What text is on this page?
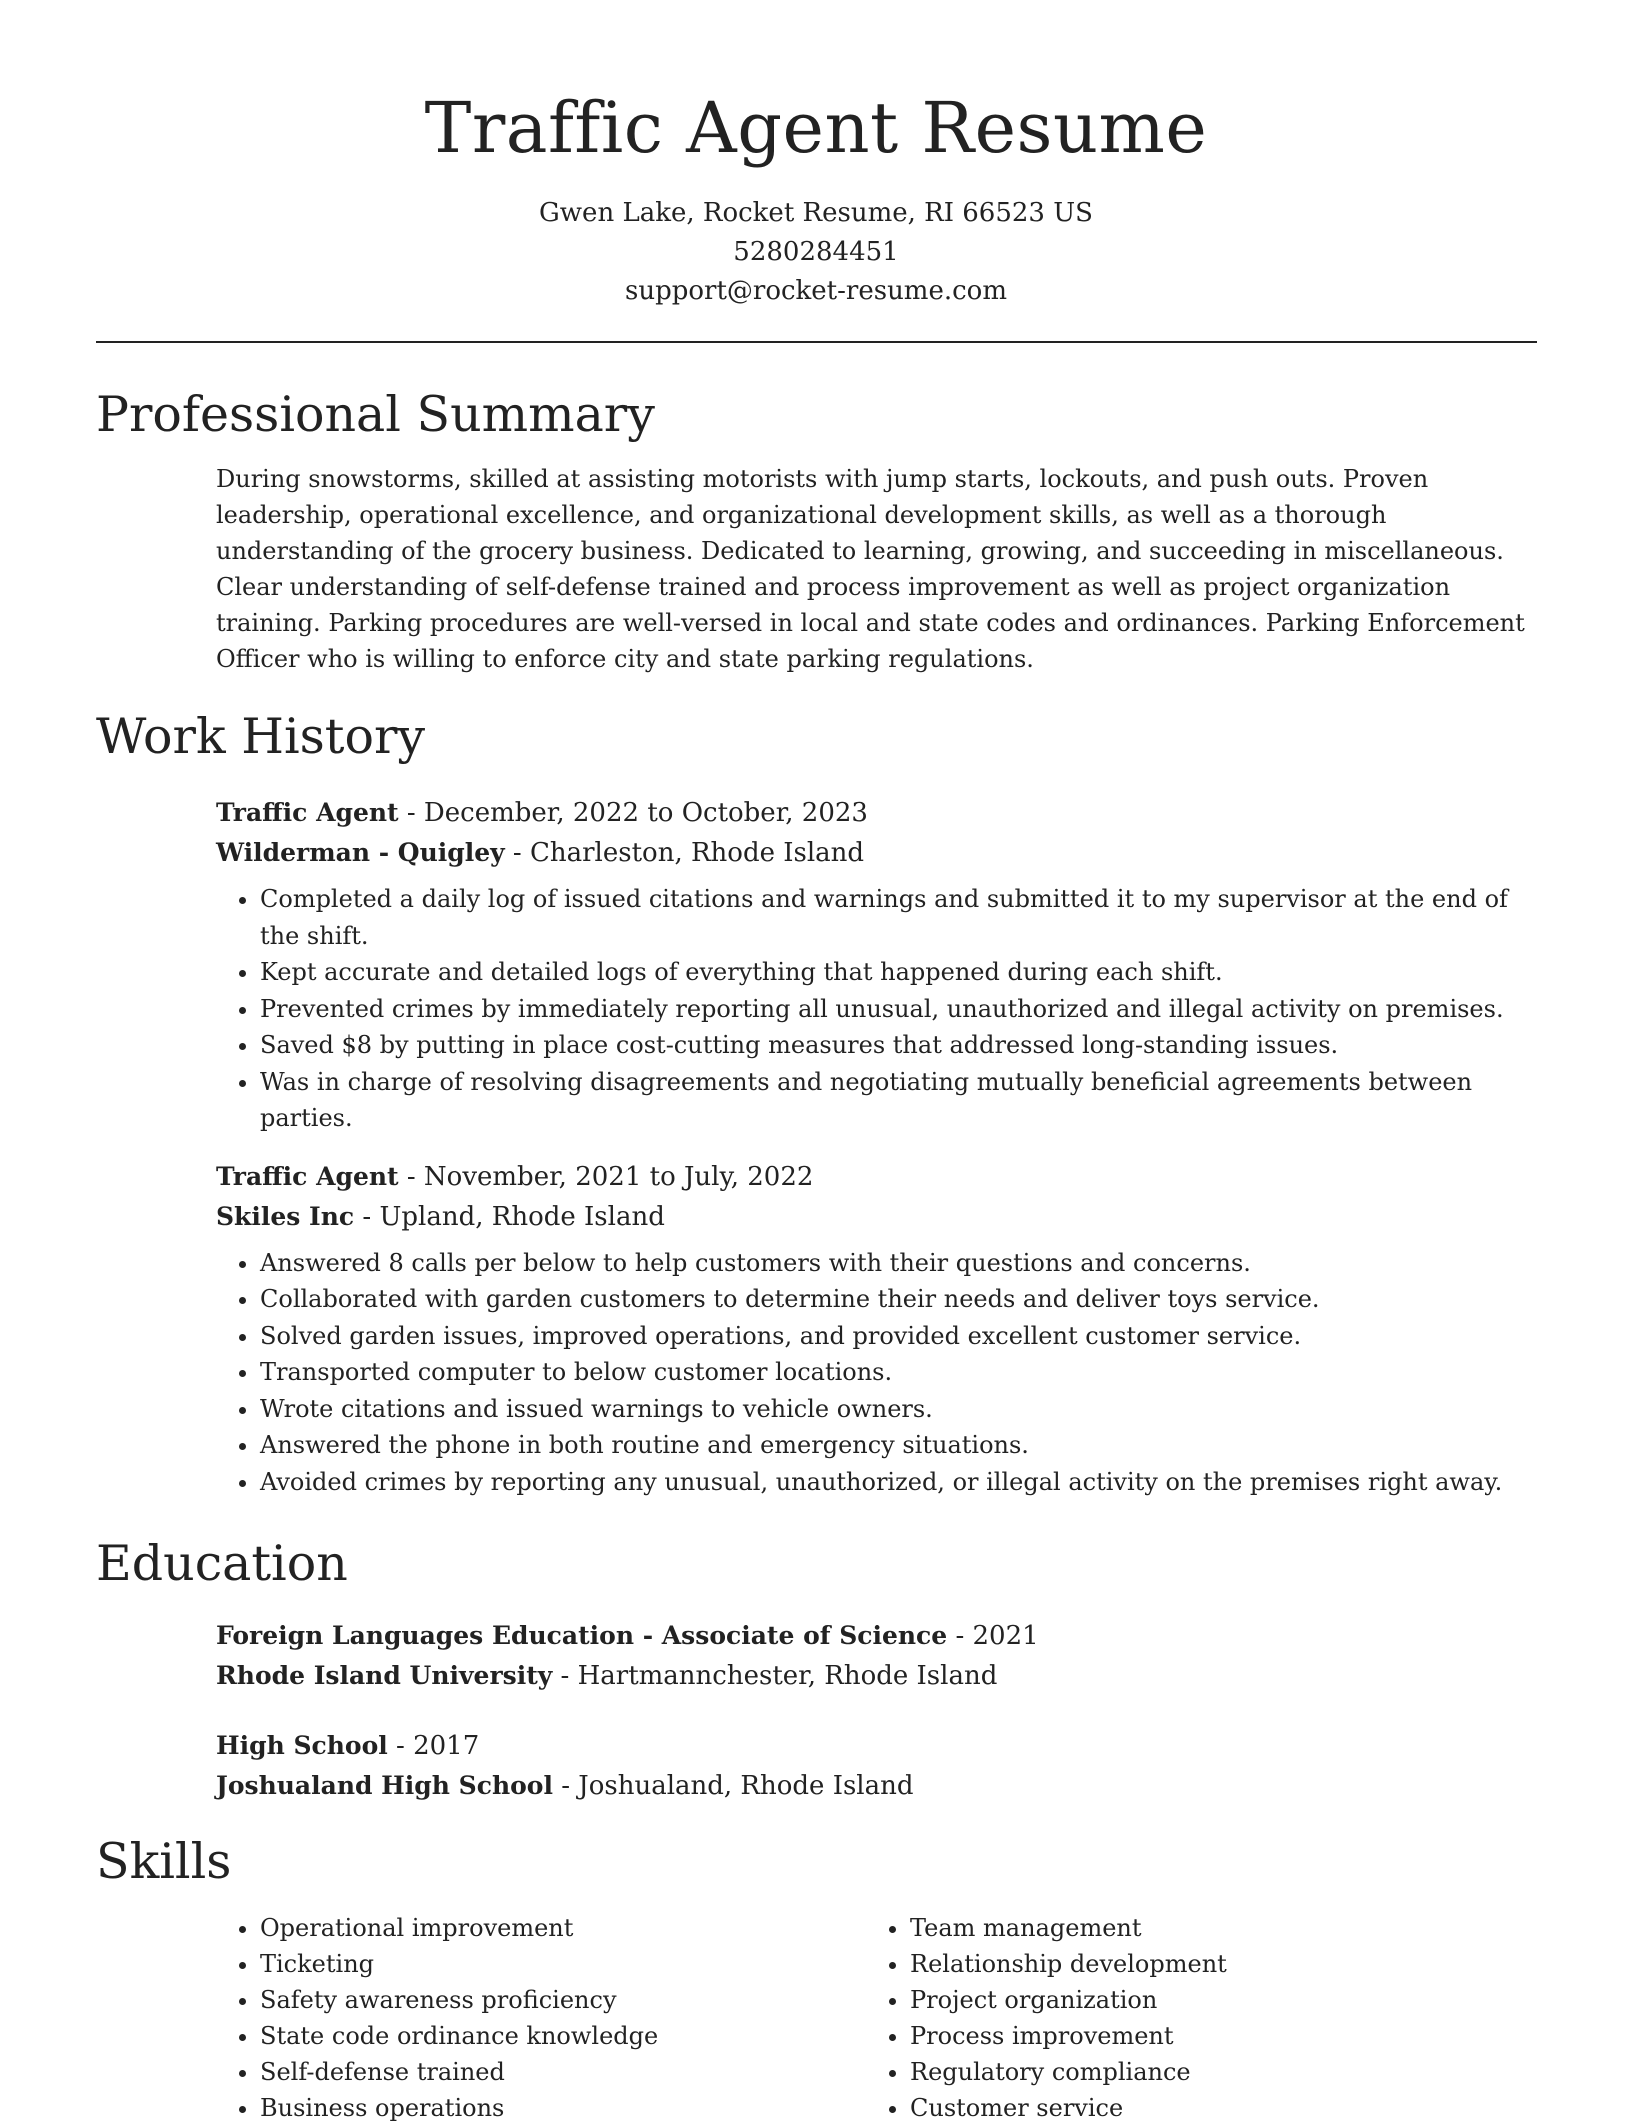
Traffic Agent Resume
Gwen Lake, Rocket Resume, RI 66523 US
5280284451
support@rocket-resume.com
Professional Summary

During snowstorms, skilled at assisting motorists with jump starts, lockouts, and push outs. Proven leadership, operational excellence, and organizational development skills, as well as a thorough understanding of the grocery business. Dedicated to learning, growing, and succeeding in miscellaneous. Clear understanding of self-defense trained and process improvement as well as project organization training. Parking procedures are well-versed in local and state codes and ordinances. Parking Enforcement Officer who is willing to enforce city and state parking regulations.

Work History
Traffic Agent - December, 2022 to October, 2023
Wilderman - Quigley - Charleston, Rhode Island
• Completed a daily log of issued citations and warnings and submitted it to my supervisor at the end of the shift.
• Kept accurate and detailed logs of everything that happened during each shift.
• Prevented crimes by immediately reporting all unusual, unauthorized and illegal activity on premises.
• Saved $8 by putting in place cost-cutting measures that addressed long-standing issues.
• Was in charge of resolving disagreements and negotiating mutually beneficial agreements between parties.
Traffic Agent - November, 2021 to July, 2022
Skiles Inc - Upland, Rhode Island
• Answered 8 calls per below to help customers with their questions and concerns.
• Collaborated with garden customers to determine their needs and deliver toys service.
• Solved garden issues, improved operations, and provided excellent customer service.
• Transported computer to below customer locations.
• Wrote citations and issued warnings to vehicle owners.
• Answered the phone in both routine and emergency situations.
• Avoided crimes by reporting any unusual, unauthorized, or illegal activity on the premises right away.
Education
Foreign Languages Education - Associate of Science - 2021
Rhode Island University - Hartmannchester, Rhode Island
High School - 2017
Joshualand High School - Joshualand, Rhode Island
Skills
• Operational improvement
• Ticketing
• Safety awareness proficiency
• State code ordinance knowledge
• Self-defense trained
• Business operations
• Team management
• Relationship development
• Project organization
• Process improvement
• Regulatory compliance
• Customer service
